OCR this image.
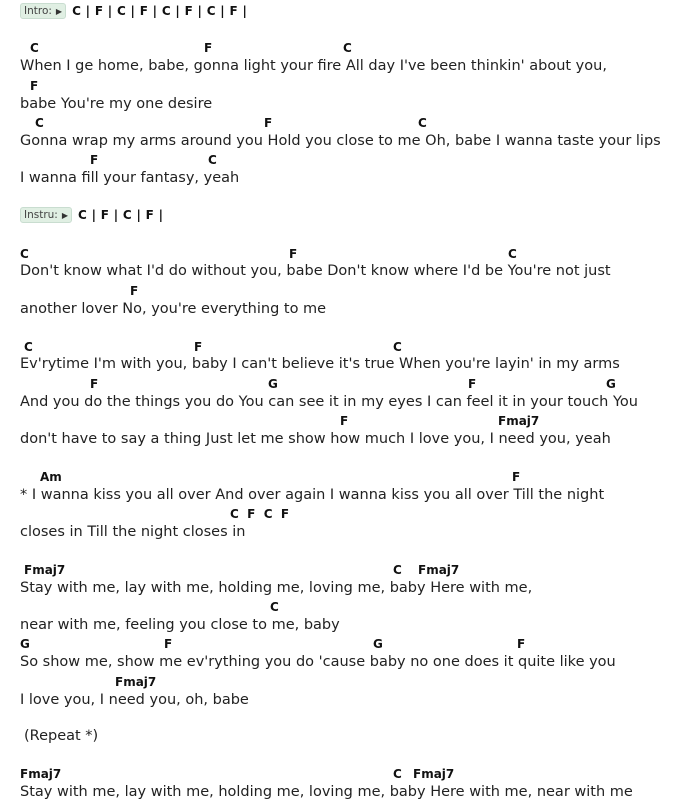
Intro: ▶ C | F | C | F | C | F | C | F |
C	F	C
When I ge home, babe, gonna light your fire All day I've been thinkin' about you,
F
babe You're my one desire
C	F	C
Gonna wrap my arms around you Hold you close to me Oh, babe I wanna taste your lips
F	C
I wanna fill your fantasy, yeah
Instru: ▶ C | F | C | F |
C	F	C
Don't know what I'd do without you, babe Don't know where I'd be You're not just
F
another lover No, you're everything to me
C	F	C
Ev'rytime I'm with you, baby I can't believe it's true When you're layin' in my arms
F	G	F	G
And you do the things you do You can see it in my eyes I can feel it in your touch You
F	Fmaj7
don't have to say a thing Just let me show how much I love you, I need you, yeah
Am	F
* I wanna kiss you all over And over again I wanna kiss you all over Till the night
C  F  C  F
closes in Till the night closes in
Fmaj7	C Fmaj7
Stay with me, lay with me, holding me, loving me, baby Here with me,
C
near with me, feeling you close to me, baby
G	F	G	F
So show me, show me ev'rything you do 'cause baby no one does it quite like you
Fmaj7
I love you, I need you, oh, babe
(Repeat *)
Fmaj7	C Fmaj7
Stay with me, lay with me, holding me, loving me, baby Here with me, near with me
